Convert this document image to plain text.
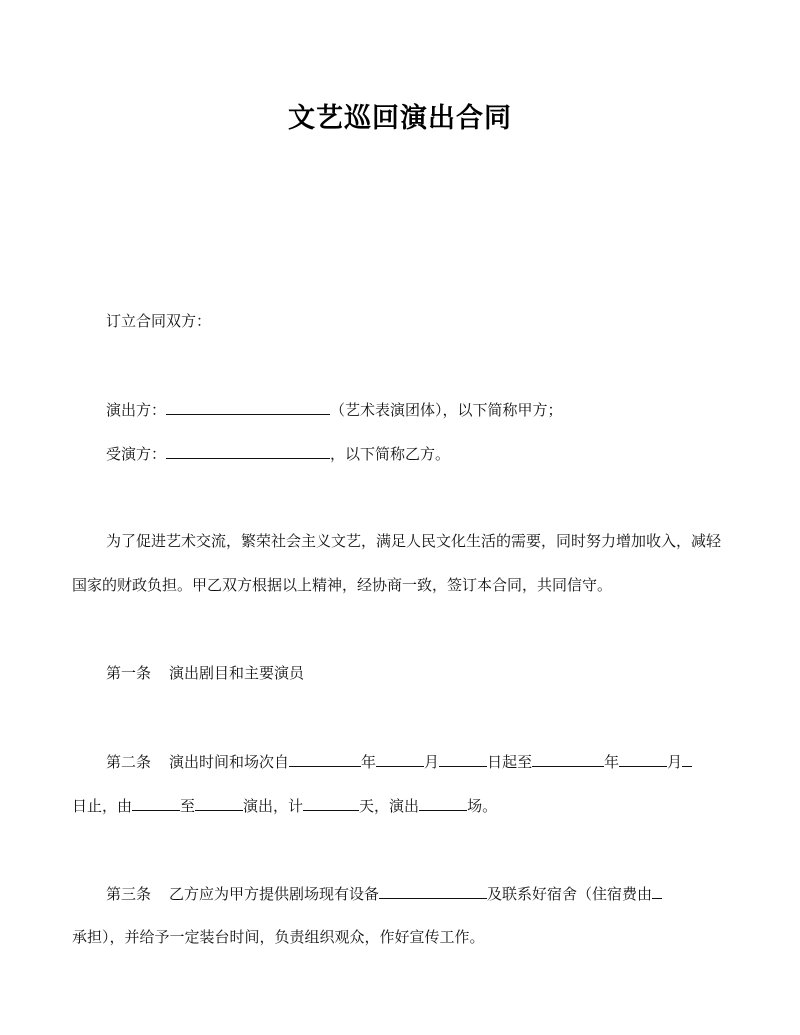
文艺巡回演出合同
订立合同双方：
演出方：	（艺术表演团体），以下简称甲方；
受演方：	，以下简称乙方。
为了促进艺术交流，繁荣社会主义文艺，满足人民文化生活的需要，同时努力增加收入，减轻
国家的财政负担。甲乙双方根据以上精神，经协商一致，签订本合同，共同信守。
第一条 演出剧目和主要演员
第二条 演出时间和场次自	年	月	日起至	年	月
日止，由	至	演出，计	天，演出	场。
第三条 乙方应为甲方提供剧场现有设备	及联系好宿舍（住宿费由
承担），并给予一定装台时间，负责组织观众，作好宣传工作。
